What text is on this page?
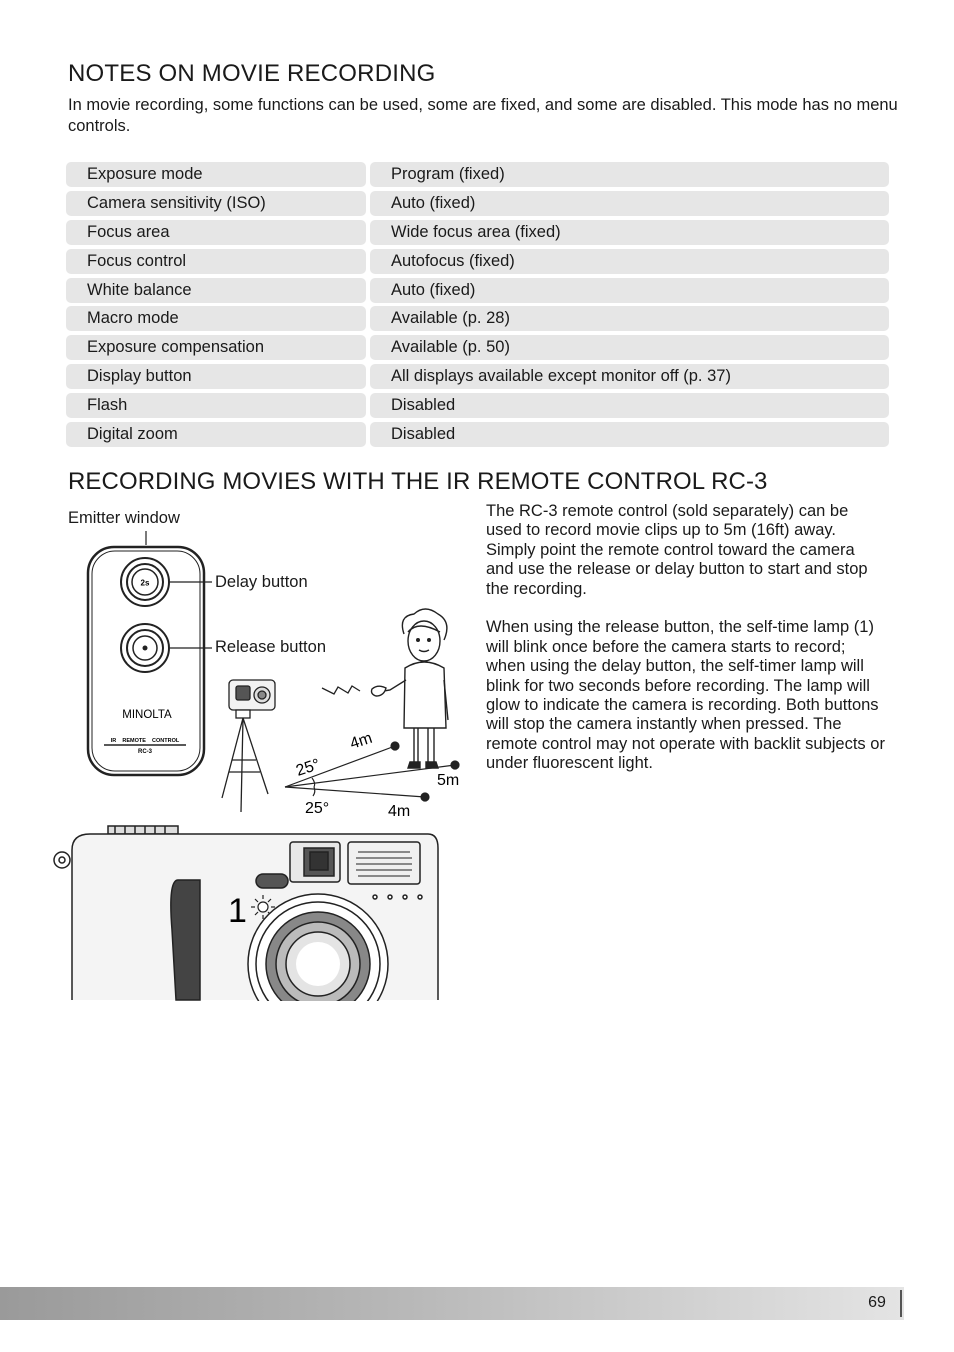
NOTES ON MOVIE RECORDING

In movie recording, some functions can be used, some are fixed, and some are disabled. This mode has no menu controls.

Exposure mode	Program (fixed)
Camera sensitivity (ISO)	Auto (fixed)
Focus area	Wide focus area (fixed)
Focus control	Autofocus (fixed)
White balance	Auto (fixed)
Macro mode	Available (p. 28)
Exposure compensation	Available (p. 50)
Display button	All displays available except monitor off (p. 37)
Flash	Disabled
Digital zoom	Disabled
RECORDING MOVIES WITH THE IR REMOTE CONTROL RC-3

The RC-3 remote control (sold separately) can be used to record movie clips up to 5m (16ft) away. Simply point the remote control toward the camera and use the release or delay button to start and stop the recording.

When using the release button, the self-time lamp (1) will blink once before the camera starts to record; when using the delay button, the self-timer lamp will blink for two seconds before recording. The lamp will glow to indicate the camera is recording. Both buttons will stop the camera instantly when pressed. The remote control may not operate with backlit subjects or under fluorescent light.

Emitter window
Delay button
Release button
2s
MINOLTA
IR    REMOTE    CONTROL
RC-3
25°
25°
4m
5m
4m
1
69
